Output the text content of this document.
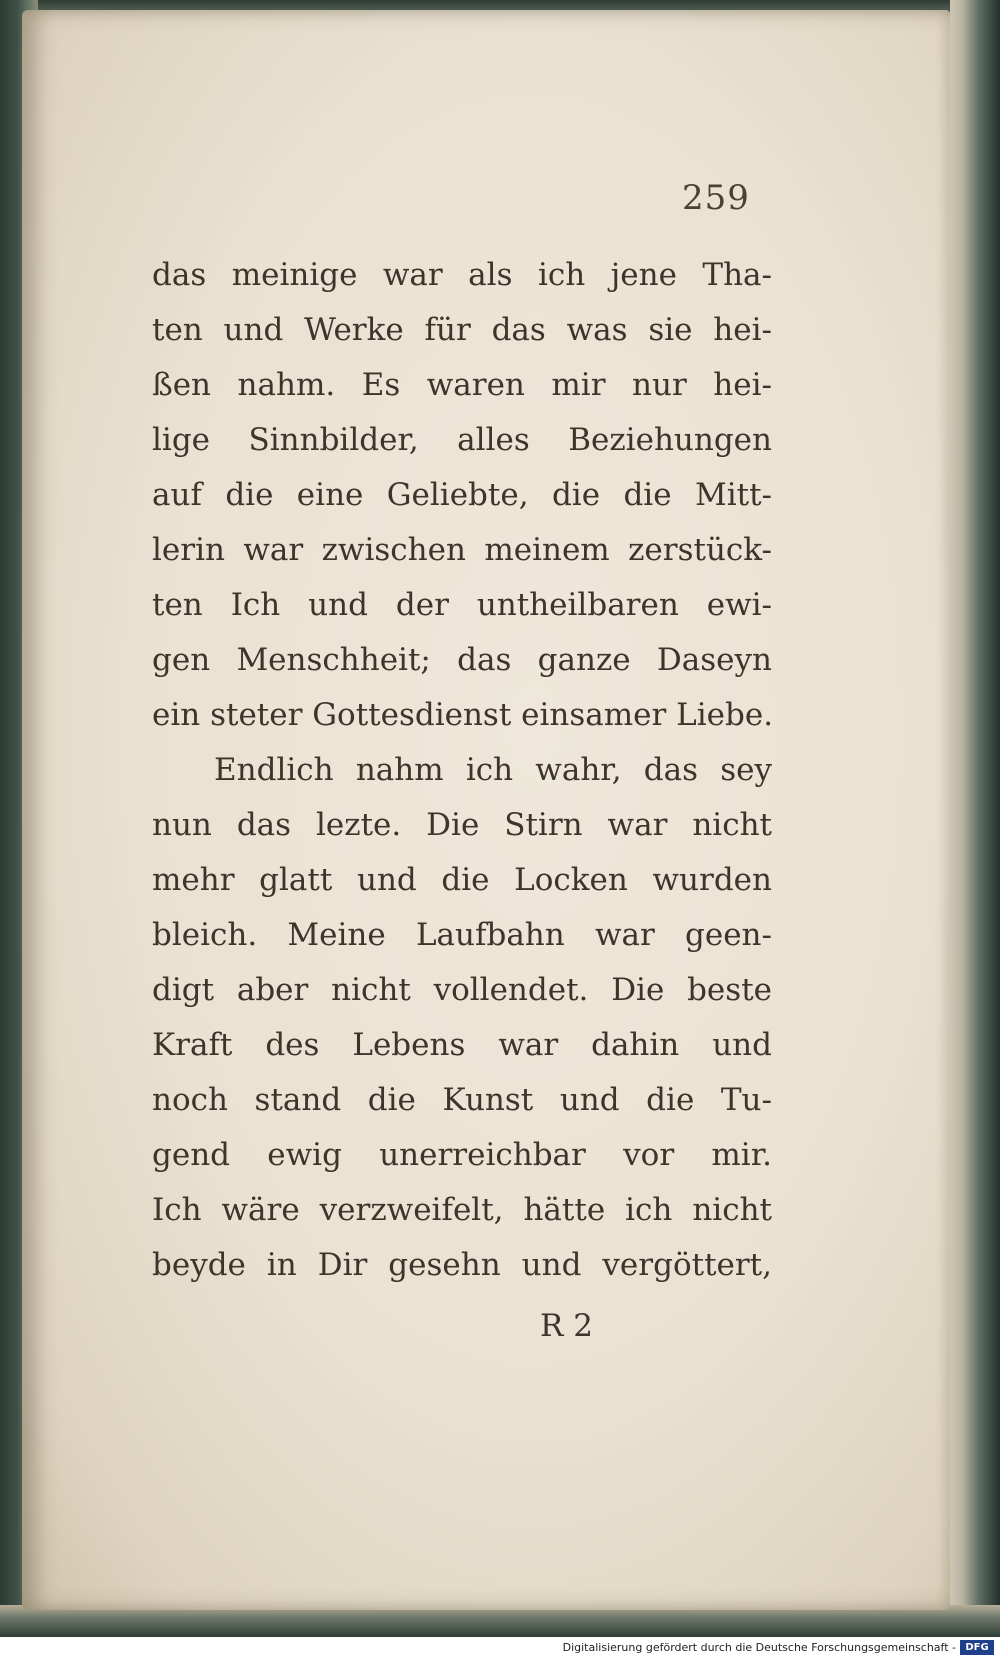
259
das meinige war als ich jene Tha-
ten und Werke für das was sie hei-
ßen nahm. Es waren mir nur hei-
lige Sinnbilder, alles Beziehungen
auf die eine Geliebte, die die Mitt-
lerin war zwischen meinem zerstück-
ten Ich und der untheilbaren ewi-
gen Menschheit; das ganze Daseyn
ein steter Gottesdienst einsamer Liebe.
Endlich nahm ich wahr, das sey
nun das lezte. Die Stirn war nicht
mehr glatt und die Locken wurden
bleich. Meine Laufbahn war geen-
digt aber nicht vollendet. Die beste
Kraft des Lebens war dahin und
noch stand die Kunst und die Tu-
gend ewig unerreichbar vor mir.
Ich wäre verzweifelt, hätte ich nicht
beyde in Dir gesehn und vergöttert,
R 2
Digitalisierung gefördert durch die Deutsche Forschungsgemeinschaft - DFG
